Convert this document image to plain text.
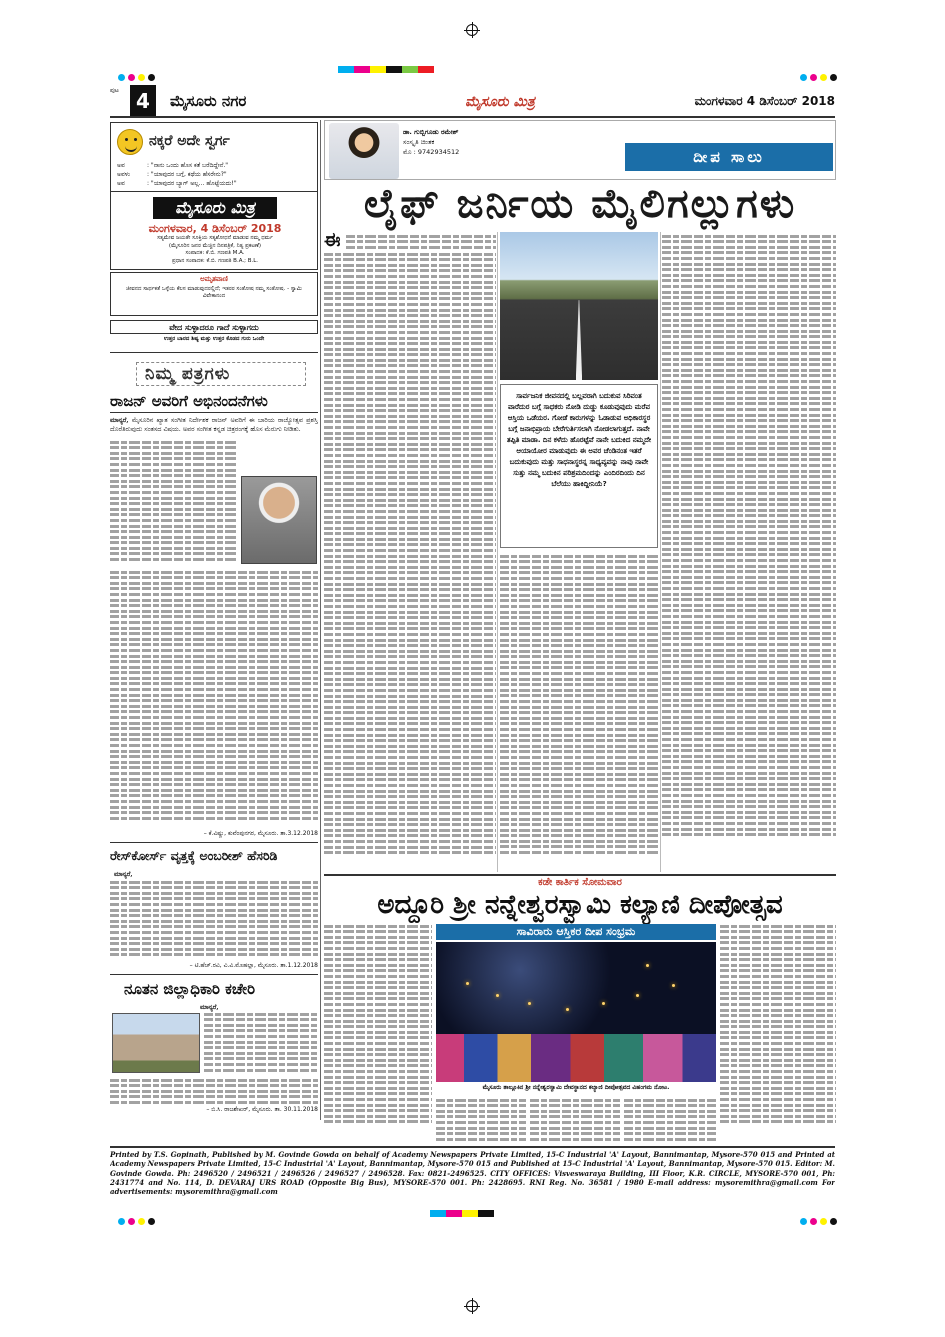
ಪುಟ 4	ಮೈಸೂರು ನಗರ	ಮೈಸೂರು ಮಿತ್ರ	ಮಂಗಳವಾರ 4 ಡಿಸೆಂಬರ್ 2018
ನಕ್ಕರೆ ಅದೇ ಸ್ವರ್ಗ
ಅವ	: "ನಾನು ಒಂದು ಹೊಸ ಕತೆ ಬರೆದಿದ್ದೇನೆ."
ಅವಳು	: "ಯಾವುದರ ಬಗ್ಗೆ, ಕಥೆಯ ಹೆಸರೇನು?"
ಅವ	: "ಯಾವುದರ ಬ್ಯಾಗ್ ಅಲ್ಲ... ಹೊಟ್ಟೆಯದು!"
ಮೈಸೂರು ಮಿತ್ರ
ಮಂಗಳವಾರ, 4 ಡಿಸೆಂಬರ್ 2018
ಸತ್ಯಮೇವ ಜಯತೇ ಸೂಕ್ತಿಯ ಸತ್ಯಶೋಧನೆ ಮಾಡುವ ನಮ್ಮ ಧರ್ಮ
(ಮೈಸೂರಿನ ಜನರ ಮೆಚ್ಚಿನ ದಿನಪತ್ರಿಕೆ, ನಿತ್ಯ ಪ್ರಕಟಣೆ)
ಸಂಪಾದಕ: ಕೆ.ಬಿ. ಗಣಪತಿ M.A.
ಪ್ರಧಾನ ಸಂಪಾದಕ: ಕೆ.ಬಿ. ಗಣಪತಿ B.A.; B.L.
ಅಮೃತವಾಣಿ
ಜೀವನದ ಸಾರ್ಥಕತೆ ಒಳ್ಳೆಯ ಕೆಲಸ ಮಾಡುವುದರಲ್ಲಿದೆ; ಇತರರ ಸಂತೋಷ ನಮ್ಮ ಸಂತೋಷ. - ಸ್ವಾಮಿ ವಿವೇಕಾನಂದ
ವೇದ ಸುಳ್ಳಾದರೂ ಗಾದೆ ಸುಳ್ಳಾಗದು
ಉತ್ತರ ಬಾರದ ಶಿಷ್ಯ ಮತ್ತು ಉತ್ತರ ಕೊಡದ ಗುರು ಒಂದೇ
ನಿಮ್ಮ ಪತ್ರಗಳು
ರಾಜನ್ ಅವರಿಗೆ ಅಭಿನಂದನೆಗಳು
ಮಾನ್ಯರೆ, ಮೈಸೂರಿನ ಖ್ಯಾತ ಸಂಗೀತ ನಿರ್ದೇಶಕ ರಾಜನ್ ಅವರಿಗೆ ಈ ಬಾರಿಯ ರಾಜ್ಯೋತ್ಸವ ಪ್ರಶಸ್ತಿ ದೊರೆತಿರುವುದು ಸಂತಸದ ವಿಷಯ. ಅವರ ಸಂಗೀತ ಕನ್ನಡ ಚಿತ್ರರಂಗಕ್ಕೆ ಹೊಸ ಮೆರುಗು ನೀಡಿತು.
– ಕೆ.ವಿಷ್ಣು, ಕುವೆಂಪುನಗರ, ಮೈಸೂರು. ತಾ.3.12.2018
ರೇಸ್‌ಕೋರ್ಸ್ ವೃತ್ತಕ್ಕೆ ಅಂಬರೀಶ್ ಹೆಸರಿಡಿ
ಮಾನ್ಯರೆ,
– ಟಿ.ಹೆಚ್.ರವಿ, ವಿ.ವಿ.ಮೊಹಲ್ಲಾ, ಮೈಸೂರು. ತಾ.1.12.2018
ನೂತನ ಜಿಲ್ಲಾಧಿಕಾರಿ ಕಚೇರಿ
ಮಾನ್ಯರೆ,
– ಬಿ.ಸಿ. ರಾಜಶೇಖರ್, ಮೈಸೂರು. ತಾ. 30.11.2018
ಡಾ. ಗುಬ್ಬಿಗೂಡು ರಮೇಶ್
ಸಂಸ್ಕೃತಿ ಚಿಂತಕ
ಮೊ : 9742934512	ದೀಪ ಸಾಲು
ಲೈಫ್ ಜರ್ನಿಯ ಮೈಲಿಗಲ್ಲುಗಳು
ಈ
ಸಾರ್ವಜನಿಕ ಜೀವನದಲ್ಲಿ ಬಲ್ಲವರಾಗಿ ಬದುಕುವ ಸಿರಿವಂತ ವಾರೆದುರ ಬಗ್ಗೆ ಸಾಧಕರು ನೋಡಿ ದುಡ್ಡು ಕೂಡುವುವುದು ಮರೆವ ಆಸ್ತಿಯ ಒಡೆಯರ. ಗೋಡೆ ಕಾರುಗಳನ್ನು ಓಡಾಡುವ ಅಧಿಕಾರಸ್ಥರ ಬಗ್ಗೆ ಜನಾಭಿಪ್ರಾಯ ಬೇರೆಗುರ್ತಿಸಲಾಗಿ ನೋಡಲಾಗುತ್ತದೆ. ನಾವೇ ತಪ್ಪಿತಿ ಮಾಡಾ. ದಿನ ಕಳೆದು ಹೊರಟ್ಟೆವೆ ನಾನೇ ಬದುಕಿದ ನಮ್ಮದೇ ಆಯಾಯೋರ ಮಾಡುವುದು ಈ ಅವರ ಚೆಂಡಿನಂತ ಇತರೆ ಬದುಕುವುದು ಮತ್ತು ಸಾಧನಾಸ್ಥರನ್ನ ಸಾಧ್ಯವ್ಯವನ್ನು ನಾವು ನಾವೇ ಸುತ್ತು ನಮ್ಮ ಬದುಕಿನ ಪರಿಶ್ರಮದಿಂದನ್ನು ಎಂದಿರದಿಂದು ದಿನ ಬೆಲೆಯು ಹಾಕಿದ್ದೀನಿಯೆ?
ಕಡೇ ಕಾರ್ತಿಕ ಸೋಮವಾರ
ಅದ್ದೂರಿ ಶ್ರೀ ನನ್ನೇಶ್ವರಸ್ವಾಮಿ ಕಲ್ಯಾಣಿ ದೀಪೋತ್ಸವ
ಸಾವಿರಾರು ಆಸ್ತಿಕರ ದೀಪ ಸಂಭ್ರಮ
ಮೈಸೂರು ತಾಲ್ಲೂಕಿನ ಶ್ರೀ ನನ್ನೇಶ್ವರಸ್ವಾಮಿ ದೇವಸ್ಥಾನದ ಕಲ್ಯಾಣಿ ದೀಪೋತ್ಸವದ ವಿಹಂಗಮ ನೋಟ.
Printed by T.S. Gopinath, Published by M. Govinde Gowda on behalf of Academy Newspapers Private Limited, 15-C Industrial 'A' Layout, Bannimantap, Mysore-570 015 and Printed at Academy Newspapers Private Limited, 15-C Industrial 'A' Layout, Bannimantap, Mysore-570 015 and Published at 15-C Industrial 'A' Layout, Bannimantap, Mysore-570 015. Editor: M. Govinde Gowda. Ph: 2496520 / 2496521 / 2496526 / 2496527 / 2496528. Fax: 0821-2496525. CITY OFFICES: Visveswaraya Building, III Floor, K.R. CIRCLE, MYSORE-570 001, Ph: 2431774 and No. 114, D. DEVARAJ URS ROAD (Opposite Big Bus), MYSORE-570 001. Ph: 2428695. RNI Reg. No. 36581 / 1980 E-mail address: mysoremithra@gmail.com For advertisements: mysoremithra@gmail.com
